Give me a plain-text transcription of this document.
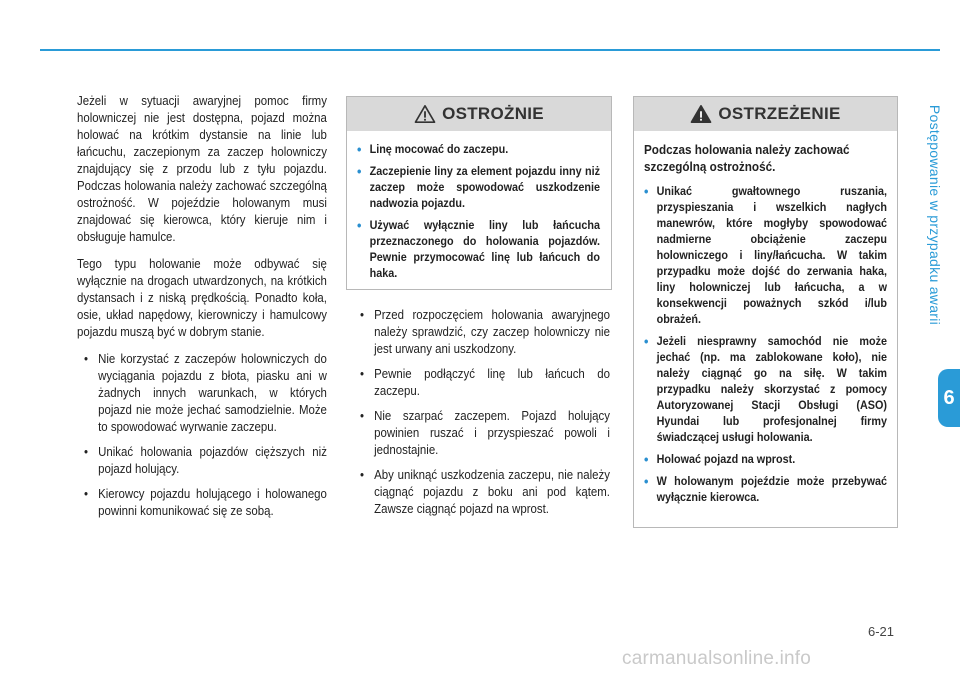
Jeżeli w sytuacji awaryjnej pomoc firmy holowniczej nie jest dostępna, pojazd można holować na krótkim dystansie na linie lub łańcuchu, zaczepionym za zaczep holowniczy znajdujący się z przodu lub z tyłu pojazdu. Podczas holowania należy zachować szczególną ostrożność. W pojeździe holowanym musi znajdować się kierowca, który kieruje nim i obsługuje hamulce.

Tego typu holowanie może odbywać się wyłącznie na drogach utwardzonych, na krótkich dystansach i z niską prędkością. Ponadto koła, osie, układ napędowy, kierowniczy i hamulcowy pojazdu muszą być w dobrym stanie.

• Nie korzystać z zaczepów holowniczych do wyciągania pojazdu z błota, piasku ani w żadnych innych warunkach, w których pojazd nie może jechać samodzielnie. Może to spowodować wyrwanie zaczepu.
• Unikać holowania pojazdów cięższych niż pojazd holujący.
• Kierowcy pojazdu holującego i holowanego powinni komunikować się ze sobą.
OSTROŻNIE
• Linę mocować do zaczepu.
• Zaczepienie liny za element pojazdu inny niż zaczep może spowodować uszkodzenie nadwozia pojazdu.
• Używać wyłącznie liny lub łańcucha przeznaczonego do holowania pojazdów. Pewnie przymocować linę lub łańcuch do haka.
• Przed rozpoczęciem holowania awaryjnego należy sprawdzić, czy zaczep holowniczy nie jest urwany ani uszkodzony.
• Pewnie podłączyć linę lub łańcuch do zaczepu.
• Nie szarpać zaczepem. Pojazd holujący powinien ruszać i przyspieszać powoli i jednostajnie.
• Aby uniknąć uszkodzenia zaczepu, nie należy ciągnąć pojazdu z boku ani pod kątem. Zawsze ciągnąć pojazd na wprost.
OSTRZEŻENIE

Podczas holowania należy zachować szczególną ostrożność.

• Unikać gwałtownego ruszania, przyspieszania i wszelkich nagłych manewrów, które mogłyby spowodować nadmierne obciążenie zaczepu holowniczego i liny/łańcucha. W takim przypadku może dojść do zerwania haka, liny holowniczej lub łańcucha, a w konsekwencji poważnych szkód i/lub obrażeń.
• Jeżeli niesprawny samochód nie może jechać (np. ma zablokowane koło), nie należy ciągnąć go na siłę. W takim przypadku należy skorzystać z pomocy Autoryzowanej Stacji Obsługi (ASO) Hyundai lub profesjonalnej firmy świadczącej usługi holowania.
• Holować pojazd na wprost.
• W holowanym pojeździe może przebywać wyłącznie kierowca.
Postępowanie w przypadku awarii
6
6-21
carmanualsonline.info
